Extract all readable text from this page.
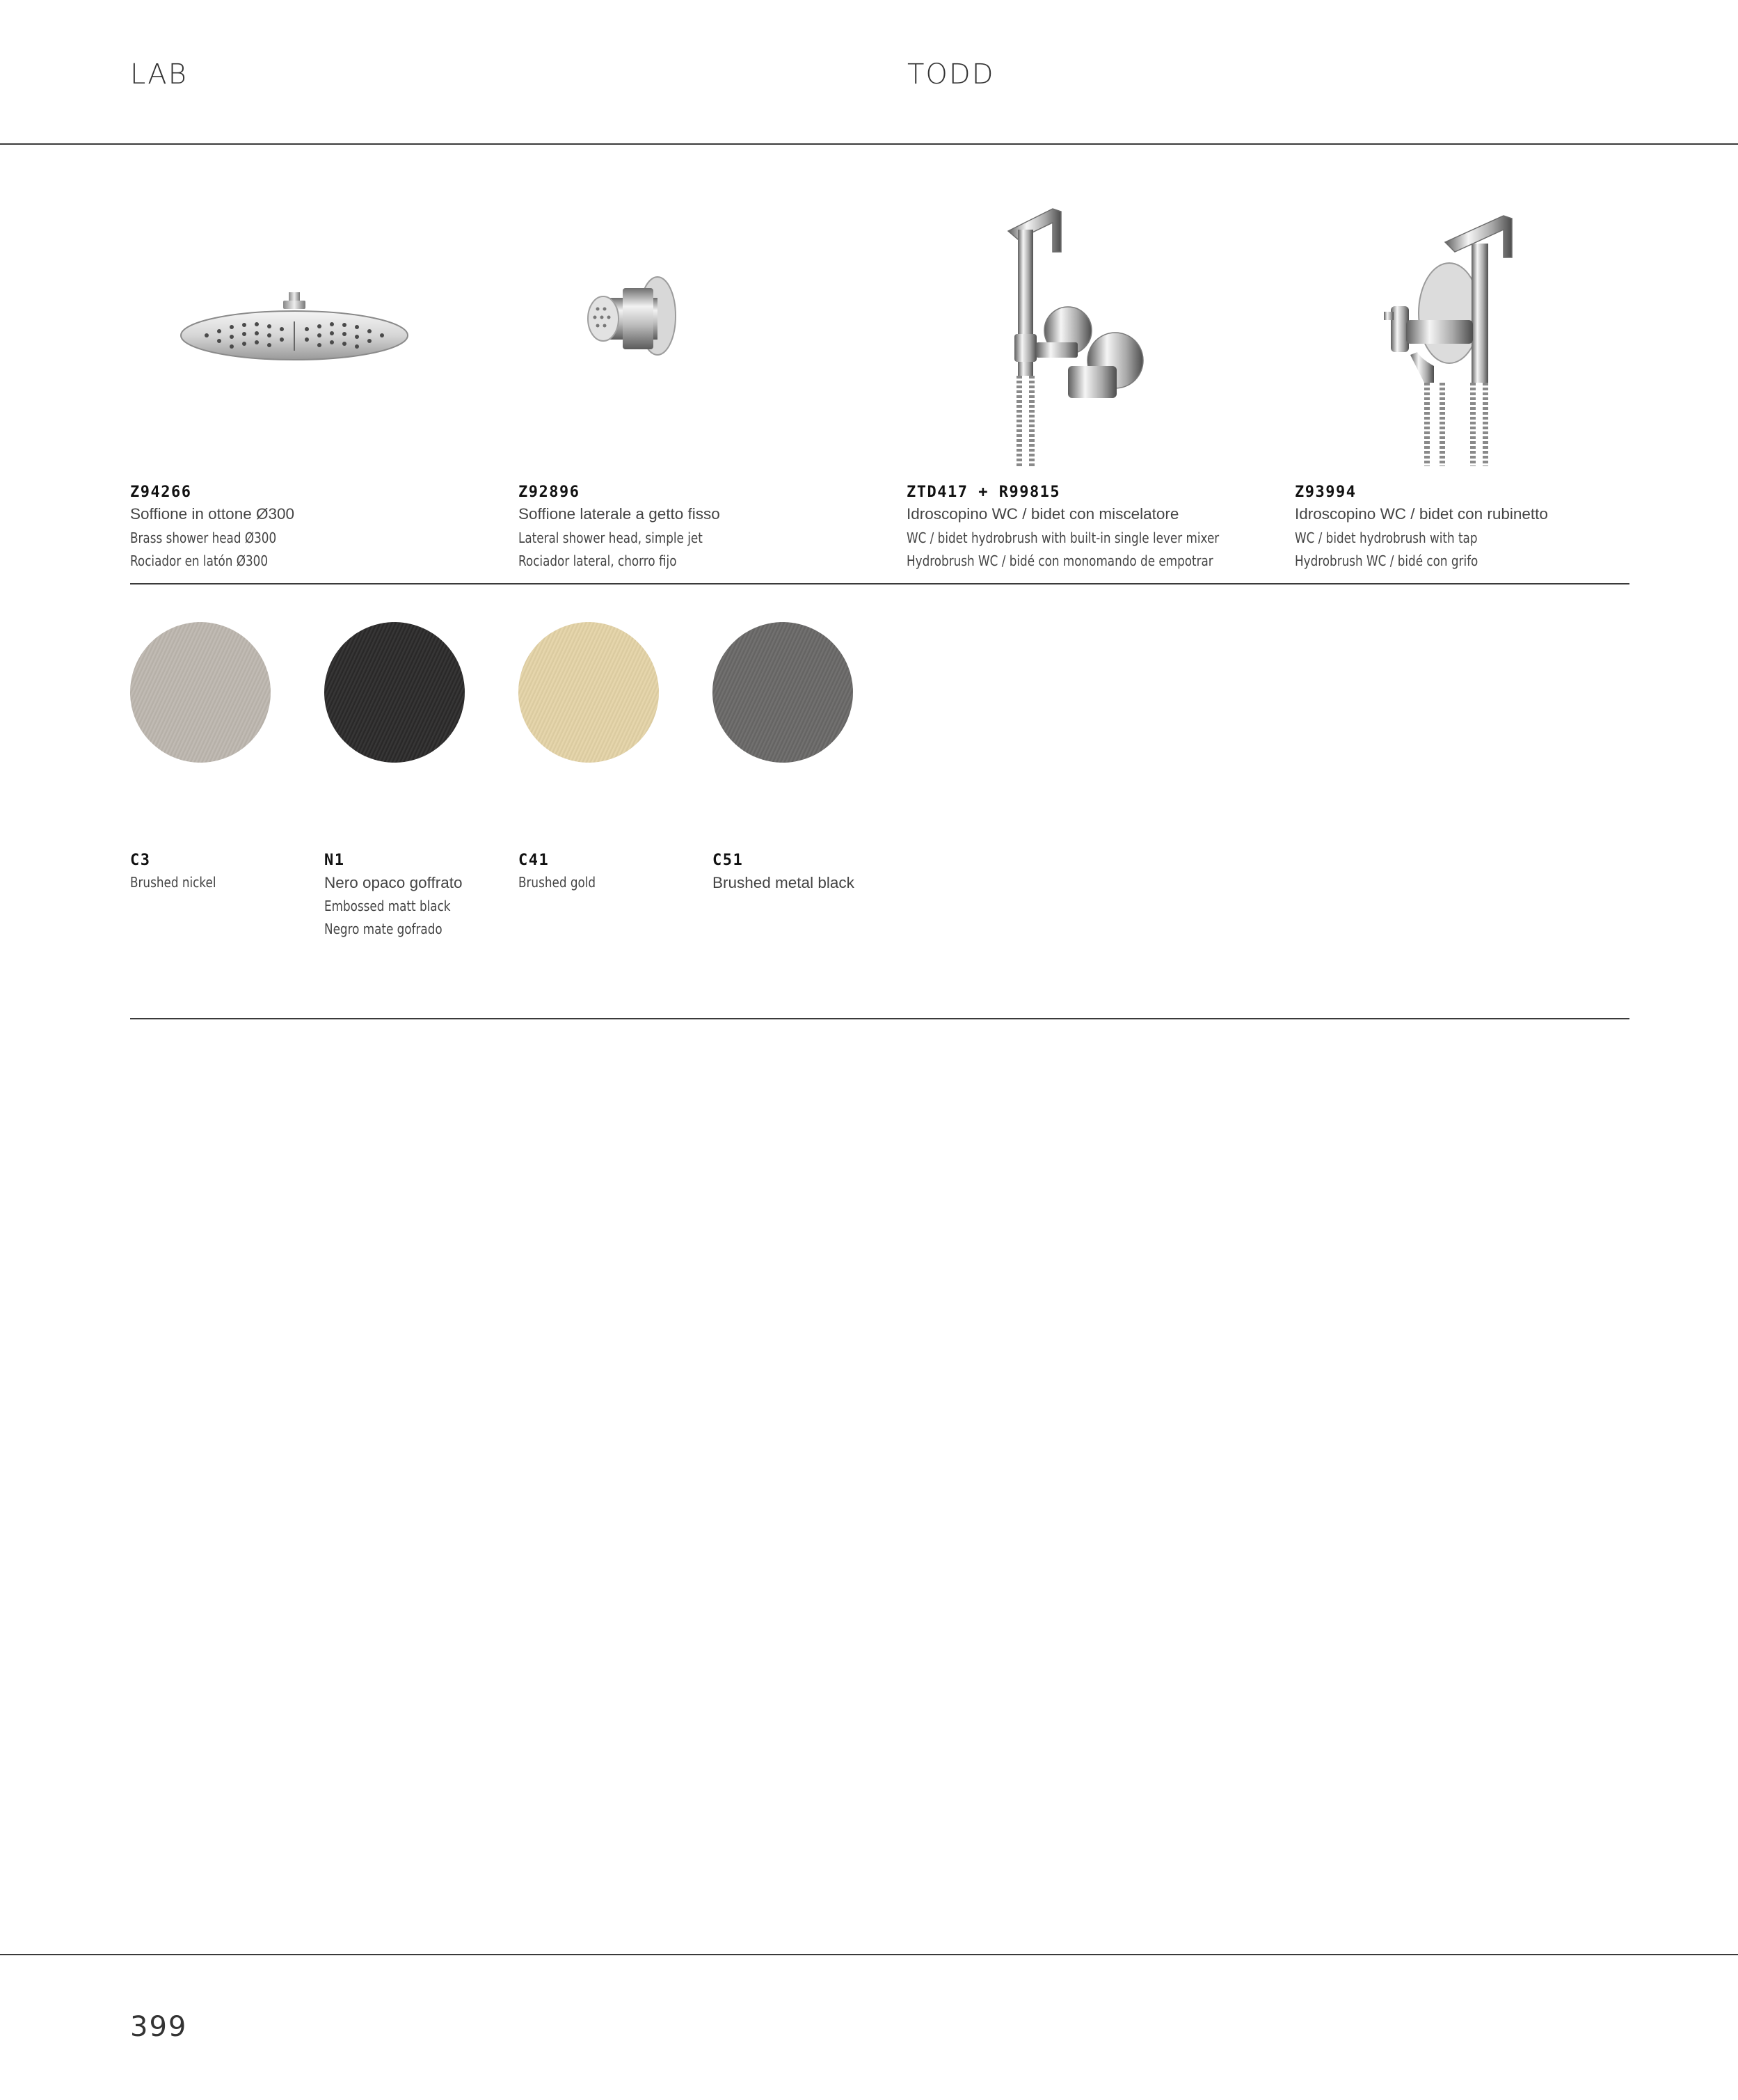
LAB	TODD
Z94266
Soffione in ottone Ø300
Brass shower head Ø300
Rociador en latón Ø300
Z92896
Soffione laterale a getto fisso
Lateral shower head, simple jet
Rociador lateral, chorro fijo
ZTD417 + R99815
Idroscopino WC / bidet con miscelatore
WC / bidet hydrobrush with built-in single lever mixer
Hydrobrush WC / bidé con monomando de empotrar
Z93994
Idroscopino WC / bidet con rubinetto
WC / bidet hydrobrush with tap
Hydrobrush WC / bidé con grifo
C3
Brushed nickel
N1
Nero opaco goffrato
Embossed matt black
Negro mate gofrado
C41
Brushed gold
C51
Brushed metal black
399
